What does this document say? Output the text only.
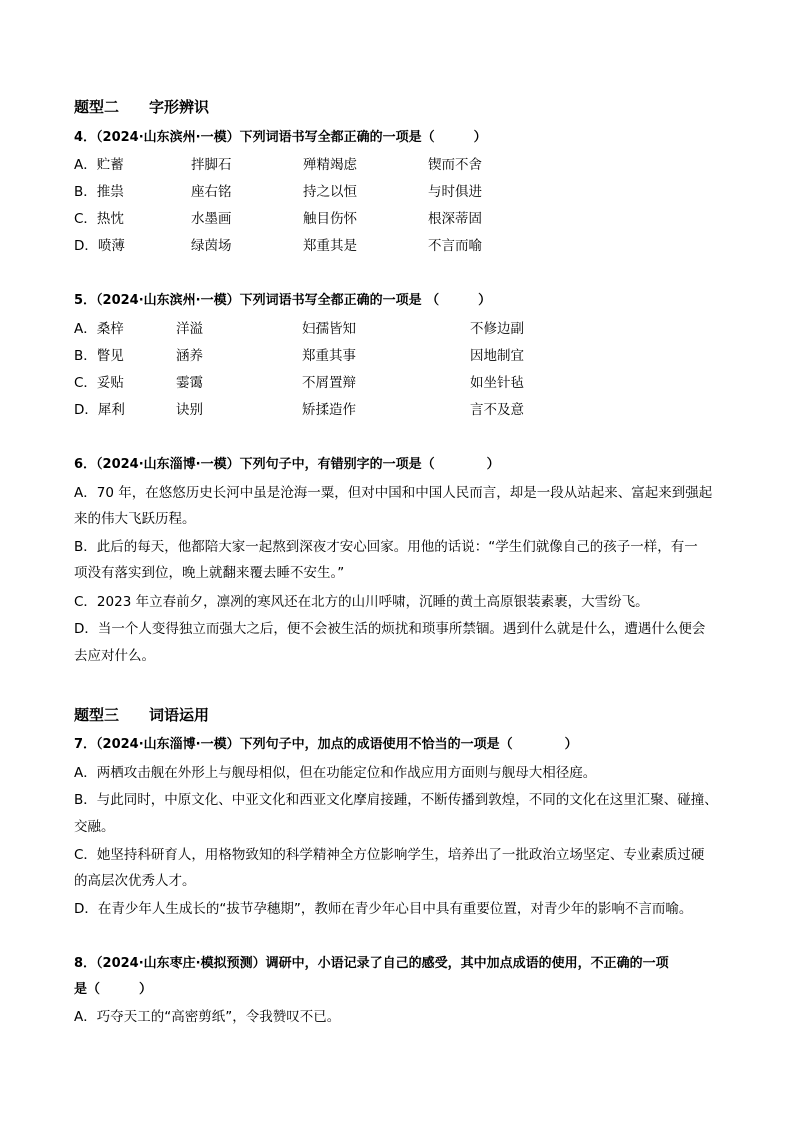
题型二　　字形辨识
4．（2024·山东滨州·一模）下列词语书写全都正确的一项是（　　　）
A．贮蓄	拌脚石	殚精竭虑	锲而不舍
B．推祟	座右铭	持之以恒	与时俱进
C．热忱	水墨画	触目伤怀	根深蒂固
D．喷薄	绿茵场	郑重其是	不言而喻
5．（2024·山东滨州·一模）下列词语书写全都正确的一项是 （　　　）
A．桑梓	洋溢	妇孺皆知	不修边副
B．瞥见	涵养	郑重其事	因地制宜
C．妥贴	霎霭	不屑置辩	如坐针毡
D．犀利	诀别	矫揉造作	言不及意
6．（2024·山东淄博·一模）下列句子中，有错别字的一项是（　　　　）
A．70 年，在悠悠历史长河中虽是沧海一粟，但对中国和中国人民而言，却是一段从站起来、富起来到强起
来的伟大飞跃历程。
B．此后的每天，他都陪大家一起熬到深夜才安心回家。用他的话说：“学生们就像自己的孩子一样，有一
项没有落实到位，晚上就翻来覆去睡不安生。”
C．2023 年立春前夕，凛冽的寒风还在北方的山川呼啸，沉睡的黄土高原银装素裹，大雪纷飞。
D．当一个人变得独立而强大之后，便不会被生活的烦扰和琐事所禁锢。遇到什么就是什么，遭遇什么便会
去应对什么。
题型三　　词语运用
7．（2024·山东淄博·一模）下列句子中，加点的成语使用不恰当的一项是（　　　　）
A．两栖攻击舰在外形上与舰母相似，但在功能定位和作战应用方面则与舰母大相径庭。
B．与此同时，中原文化、中亚文化和西亚文化摩肩接踵，不断传播到敦煌，不同的文化在这里汇聚、碰撞、
交融。
C．她坚持科研育人，用格物致知的科学精神全方位影响学生，培养出了一批政治立场坚定、专业素质过硬
的高层次优秀人才。
D．在青少年人生成长的“拔节孕穗期”，教师在青少年心目中具有重要位置，对青少年的影响不言而喻。
8．（2024·山东枣庄·模拟预测）调研中，小语记录了自己的感受，其中加点成语的使用，不正确的一项
是（　　　）
A．巧夺天工的“高密剪纸”，令我赞叹不已。
